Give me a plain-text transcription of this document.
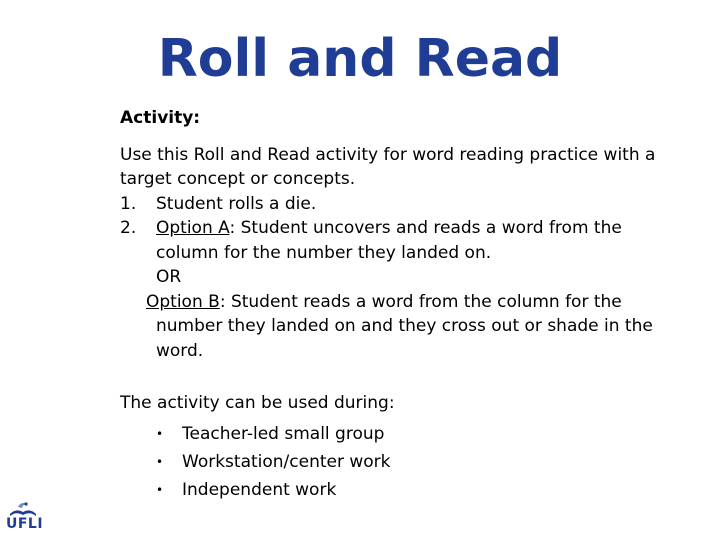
Roll and Read

Activity:

Use this Roll and Read activity for word reading practice with a target concept or concepts.

1. Student rolls a die.

2. Option A: Student uncovers and reads a word from the column for the number they landed on.

OR

Option B: Student reads a word from the column for the number they landed on and they cross out or shade in the word.

The activity can be used during:

• Teacher-led small group
• Workstation/center work
• Independent work
UFLI
